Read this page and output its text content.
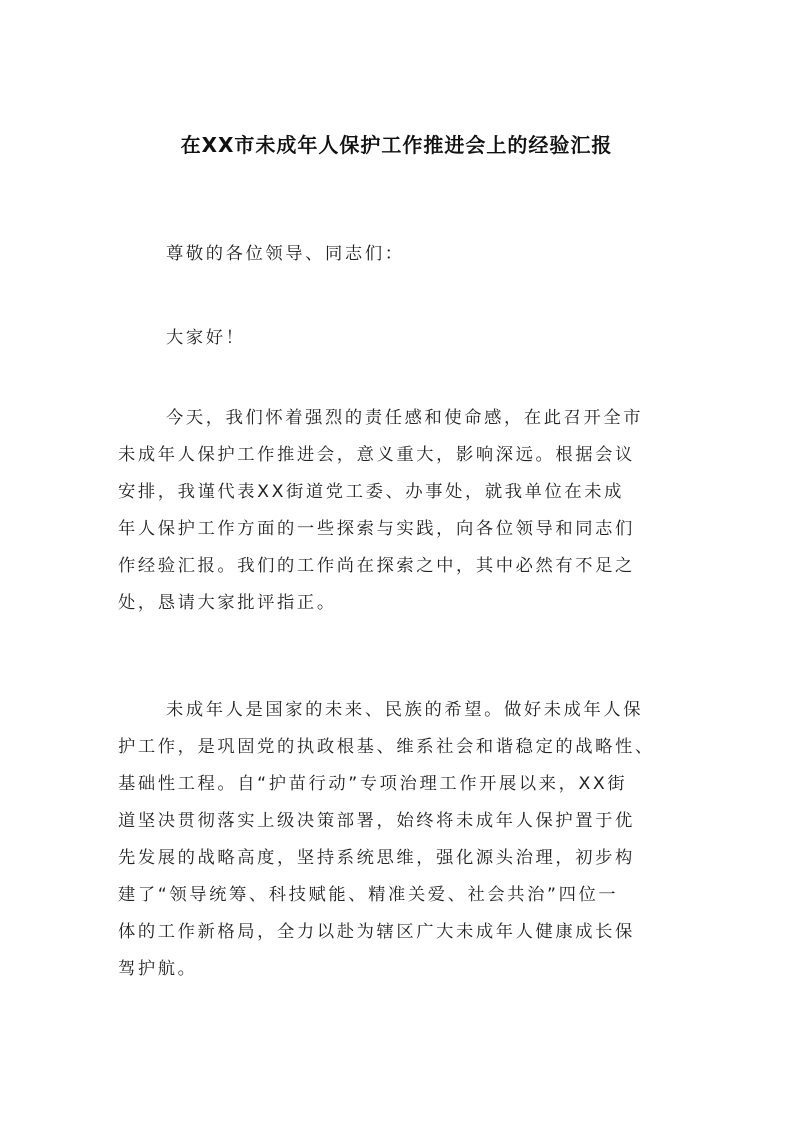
在XX市未成年人保护工作推进会上的经验汇报
尊敬的各位领导、同志们：
大家好！
今天，我们怀着强烈的责任感和使命感，在此召开全市
未成年人保护工作推进会，意义重大，影响深远。根据会议
安排，我谨代表XX街道党工委、办事处，就我单位在未成
年人保护工作方面的一些探索与实践，向各位领导和同志们
作经验汇报。我们的工作尚在探索之中，其中必然有不足之
处，恳请大家批评指正。
未成年人是国家的未来、民族的希望。做好未成年人保
护工作，是巩固党的执政根基、维系社会和谐稳定的战略性、
基础性工程。自“护苗行动”专项治理工作开展以来，XX街
道坚决贯彻落实上级决策部署，始终将未成年人保护置于优
先发展的战略高度，坚持系统思维，强化源头治理，初步构
建了“领导统筹、科技赋能、精准关爱、社会共治”四位一
体的工作新格局，全力以赴为辖区广大未成年人健康成长保
驾护航。
